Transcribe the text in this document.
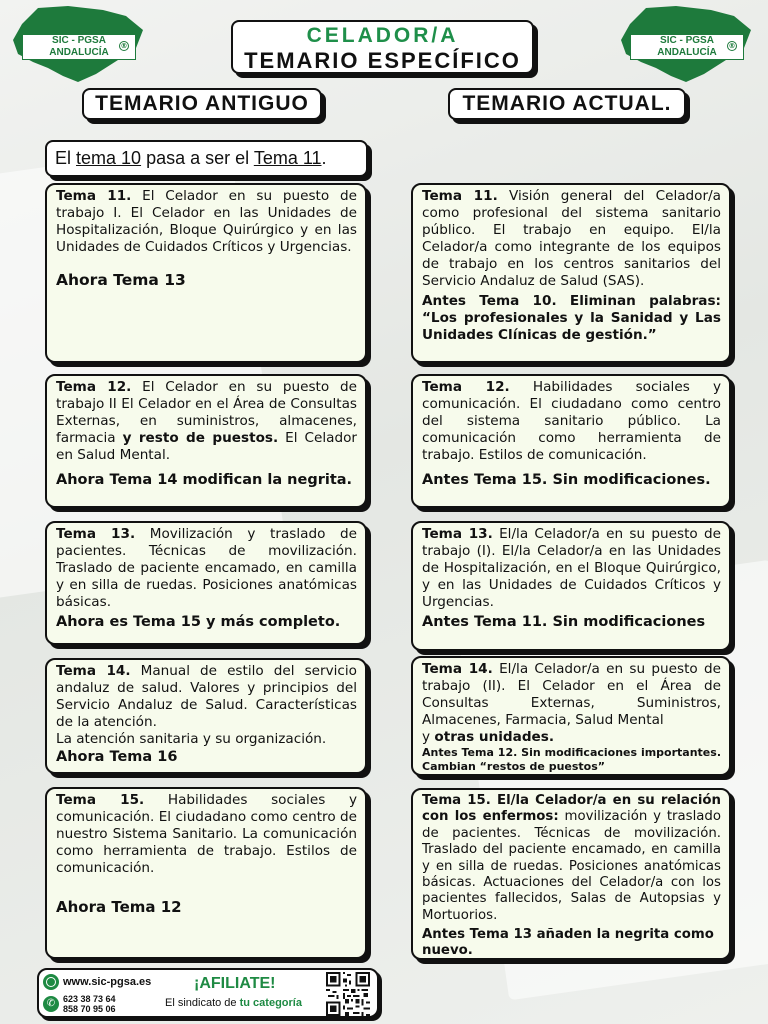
SIC - PGSA
ANDALUCÍA
®	SIC - PGSA
ANDALUCÍA
®
CELADOR/A
TEMARIO ESPECÍFICO
TEMARIO ANTIGUO	TEMARIO ACTUAL.
El tema 10 pasa a ser el Tema 11.

Tema 11. El Celador en su puesto de trabajo I. El Celador en las Unidades de Hospitalización, Bloque Quirúrgico y en las Unidades de Cuidados Críticos y Urgencias.

Ahora Tema 13

Tema 12. El Celador en su puesto de trabajo II El Celador en el Área de Consultas Externas, en suministros, almacenes, farmacia y resto de puestos. El Celador en Salud Mental.

Ahora Tema 14 modifican la negrita.

Tema 13. Movilización y traslado de pacientes. Técnicas de movilización. Traslado de paciente encamado, en camilla y en silla de ruedas. Posiciones anatómicas básicas.

Ahora es Tema 15 y más completo.

Tema 14. Manual de estilo del servicio andaluz de salud. Valores y principios del Servicio Andaluz de Salud. Características de la atención.

La atención sanitaria y su organización.

Ahora Tema 16

Tema 15. Habilidades sociales y comunicación. El ciudadano como centro de nuestro Sistema Sanitario. La comunicación como herramienta de trabajo. Estilos de comunicación.

Ahora Tema 12

Tema 11. Visión general del Celador/a como profesional del sistema sanitario público. El trabajo en equipo. El/la Celador/a como integrante de los equipos de trabajo en los centros sanitarios del Servicio Andaluz de Salud (SAS).

Antes Tema 10. Eliminan palabras: “Los profesionales y la Sanidad y Las Unidades Clínicas de gestión.”

Tema 12. Habilidades sociales y comunicación. El ciudadano como centro del sistema sanitario público. La comunicación como herramienta de trabajo. Estilos de comunicación.

Antes Tema 15. Sin modificaciones.

Tema 13. El/la Celador/a en su puesto de trabajo (I). El/la Celador/a en las Unidades de Hospitalización, en el Bloque Quirúrgico, y en las Unidades de Cuidados Críticos y Urgencias.

Antes Tema 11. Sin modificaciones

Tema 14. El/la Celador/a en su puesto de trabajo (II). El Celador en el Área de Consultas Externas, Suministros, Almacenes, Farmacia, Salud Mental

y otras unidades.

Antes Tema 12. Sin modificaciones importantes. Cambian “restos de puestos”

Tema 15. El/la Celador/a en su relación con los enfermos: movilización y traslado de pacientes. Técnicas de movilización. Traslado del paciente encamado, en camilla y en silla de ruedas. Posiciones anatómicas básicas. Actuaciones del Celador/a con los pacientes fallecidos, Salas de Autopsias y Mortuorios.

Antes Tema 13 añaden la negrita como nuevo.

www.sic-pgsa.es
✆ 623 38 73 64
858 70 95 06
¡AFILIATE!
El sindicato de tu categoría
